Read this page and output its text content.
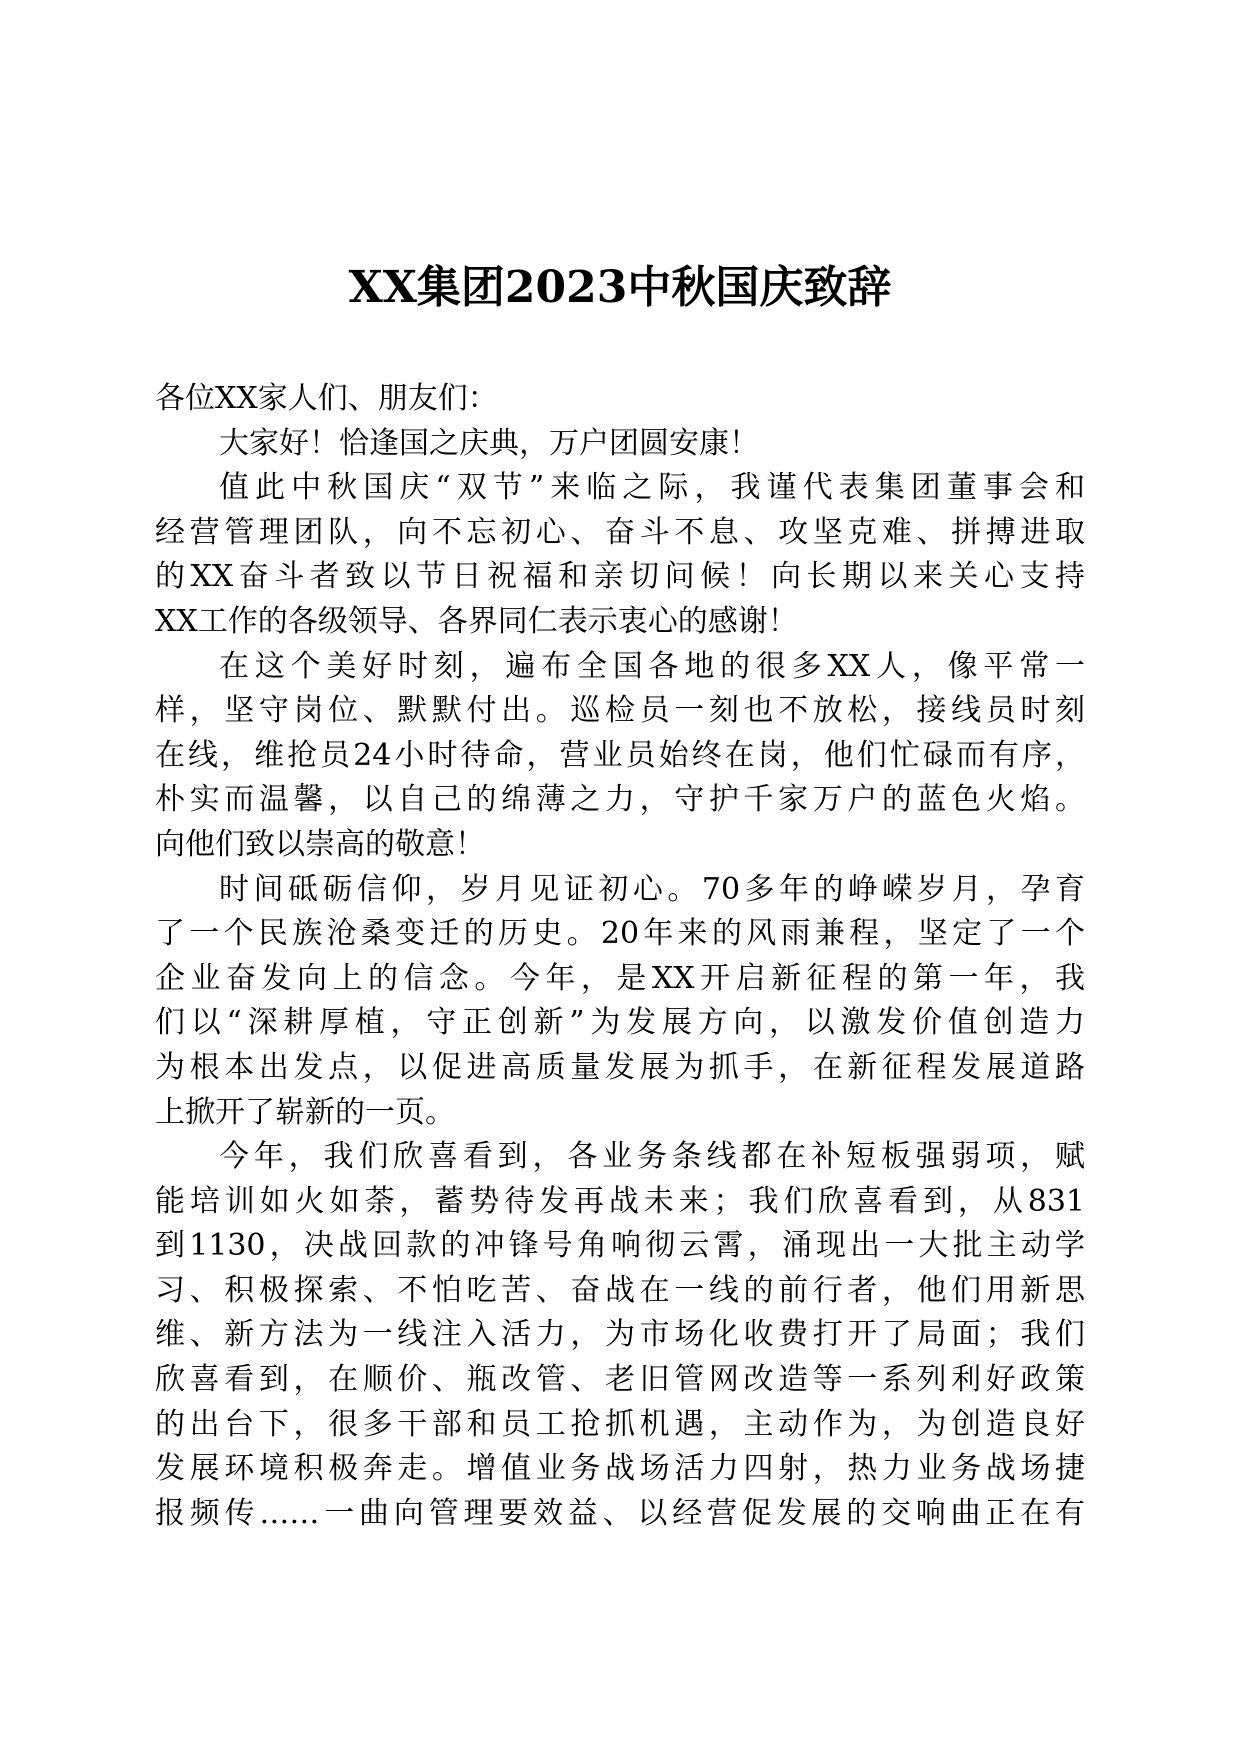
XX集团2023中秋国庆致辞
各位XX家人们、朋友们：
大家好！恰逢国之庆典，万户团圆安康！
值此中秋国庆“双节”来临之际，我谨代表集团董事会和
经营管理团队，向不忘初心、奋斗不息、攻坚克难、拼搏进取
的XX奋斗者致以节日祝福和亲切问候！向长期以来关心支持
XX工作的各级领导、各界同仁表示衷心的感谢！
在这个美好时刻，遍布全国各地的很多XX人，像平常一
样，坚守岗位、默默付出。巡检员一刻也不放松，接线员时刻
在线，维抢员24小时待命，营业员始终在岗，他们忙碌而有序，
朴实而温馨，以自己的绵薄之力，守护千家万户的蓝色火焰。
向他们致以崇高的敬意！
时间砥砺信仰，岁月见证初心。70多年的峥嵘岁月，孕育
了一个民族沧桑变迁的历史。20年来的风雨兼程，坚定了一个
企业奋发向上的信念。今年，是XX开启新征程的第一年，我
们以“深耕厚植，守正创新”为发展方向，以激发价值创造力
为根本出发点，以促进高质量发展为抓手，在新征程发展道路
上掀开了崭新的一页。
今年，我们欣喜看到，各业务条线都在补短板强弱项，赋
能培训如火如荼，蓄势待发再战未来；我们欣喜看到，从831
到1130，决战回款的冲锋号角响彻云霄，涌现出一大批主动学
习、积极探索、不怕吃苦、奋战在一线的前行者，他们用新思
维、新方法为一线注入活力，为市场化收费打开了局面；我们
欣喜看到，在顺价、瓶改管、老旧管网改造等一系列利好政策
的出台下，很多干部和员工抢抓机遇，主动作为，为创造良好
发展环境积极奔走。增值业务战场活力四射，热力业务战场捷
报频传……一曲向管理要效益、以经营促发展的交响曲正在有
